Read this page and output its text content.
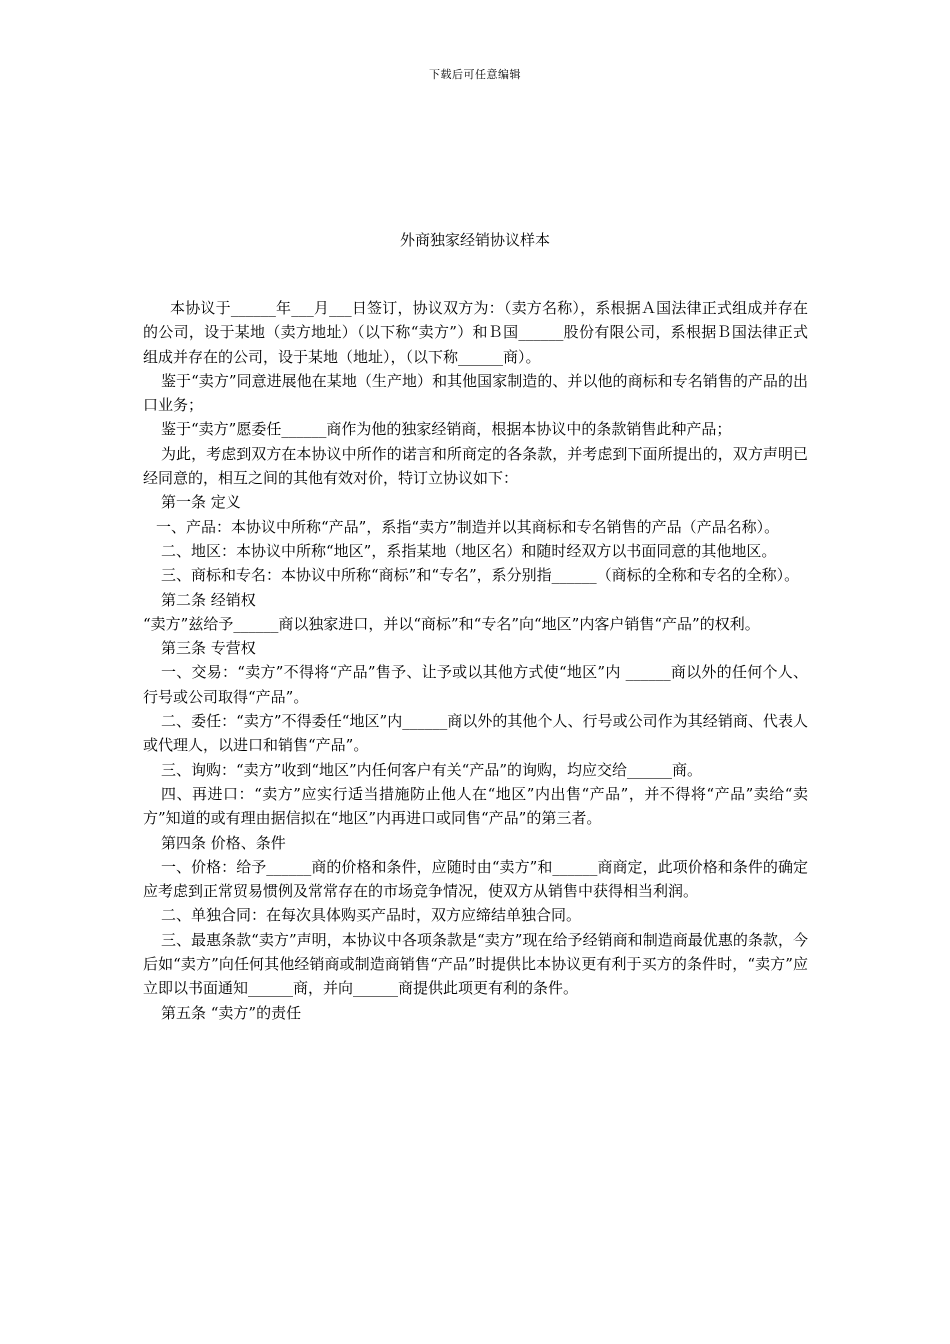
下载后可任意编辑
外商独家经销协议样本

本协议于______年___月___日签订，协议双方为：（卖方名称），系根据Ａ国法律正式组成并存在的公司，设于某地（卖方地址）（以下称“卖方”）和Ｂ国______股份有限公司，系根据Ｂ国法律正式组成并存在的公司，设于某地（地址），（以下称______商）。

鉴于“卖方”同意进展他在某地（生产地）和其他国家制造的、并以他的商标和专名销售的产品的出口业务；

鉴于“卖方”愿委任______商作为他的独家经销商，根据本协议中的条款销售此种产品；

为此，考虑到双方在本协议中所作的诺言和所商定的各条款，并考虑到下面所提出的，双方声明已经同意的，相互之间的其他有效对价，特订立协议如下：

第一条 定义

一、产品：本协议中所称“产品”，系指“卖方”制造并以其商标和专名销售的产品（产品名称）。

二、地区：本协议中所称“地区”，系指某地（地区名）和随时经双方以书面同意的其他地区。

三、商标和专名：本协议中所称“商标”和“专名”，系分别指______（商标的全称和专名的全称）。

第二条 经销权

“卖方”兹给予______商以独家进口，并以“商标”和“专名”向“地区”内客户销售“产品”的权利。

第三条 专营权

一、交易：“卖方”不得将“产品”售予、让予或以其他方式使“地区”内 ______商以外的任何个人、行号或公司取得“产品”。

二、委任：“卖方”不得委任“地区”内______商以外的其他个人、行号或公司作为其经销商、代表人或代理人，以进口和销售“产品”。

三、询购：“卖方”收到“地区”内任何客户有关“产品”的询购，均应交给______商。

四、再进口：“卖方”应实行适当措施防止他人在“地区”内出售“产品”，并不得将“产品”卖给“卖方”知道的或有理由据信拟在“地区”内再进口或同售“产品”的第三者。

第四条 价格、条件

一、价格：给予______商的价格和条件，应随时由“卖方”和______商商定，此项价格和条件的确定应考虑到正常贸易惯例及常常存在的市场竞争情况，使双方从销售中获得相当利润。

二、单独合同：在每次具体购买产品时，双方应缔结单独合同。

三、最惠条款“卖方”声明，本协议中各项条款是“卖方”现在给予经销商和制造商最优惠的条款，今后如“卖方”向任何其他经销商或制造商销售“产品”时提供比本协议更有利于买方的条件时，“卖方”应立即以书面通知______商，并向______商提供此项更有利的条件。

第五条 “卖方”的责任
